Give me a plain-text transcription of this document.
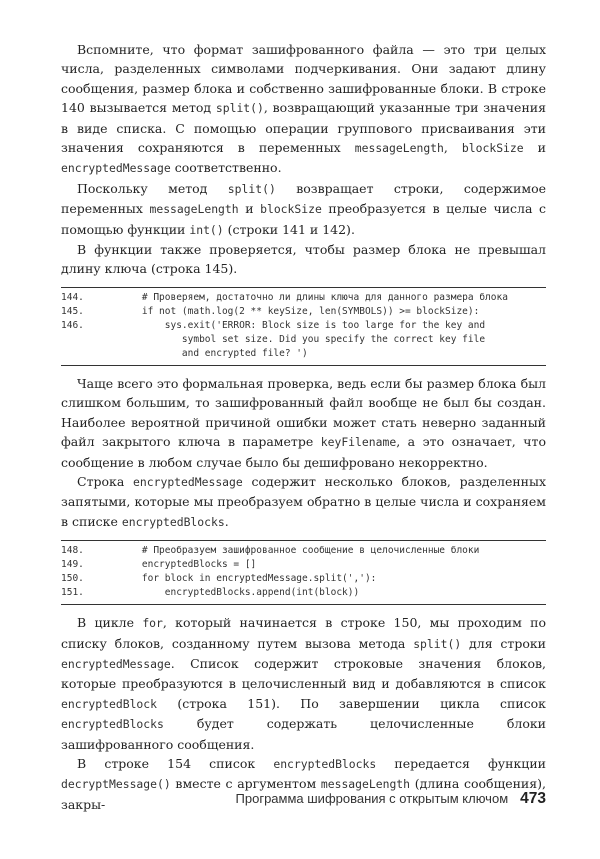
Вспомните, что формат зашифрованного файла — это три целых числа, разделенных символами подчеркивания. Они задают длину сообщения, размер блока и собственно зашифрованные блоки. В строке 140 вызывается метод split(), возвращающий указанные три значения в виде списка. С помощью операции группового присваивания эти значения сохраняются в переменных messageLength, blockSize и encryptedMessage соответственно.

Поскольку метод split() возвращает строки, содержимое переменных messageLength и blockSize преобразуется в целые числа с помощью функции int() (строки 141 и 142).

В функции также проверяется, чтобы размер блока не превышал длину ключа (строка 145).

144.	# Проверяем, достаточно ли длины ключа для данного размера блока
145.	if not (math.log(2 ** keySize, len(SYMBOLS)) >= blockSize):
146.	sys.exit('ERROR: Block size is too large for the key and
symbol set size. Did you specify the correct key file
and encrypted file? ')

Чаще всего это формальная проверка, ведь если бы размер блока был слишком большим, то зашифрованный файл вообще не был бы создан. Наиболее вероятной причиной ошибки может стать неверно заданный файл закрытого ключа в параметре keyFilename, а это означает, что сообщение в любом случае было бы дешифровано некорректно.

Строка encryptedMessage содержит несколько блоков, разделенных запятыми, которые мы преобразуем обратно в целые числа и сохраняем в списке encryptedBlocks.

148.	# Преобразуем зашифрованное сообщение в целочисленные блоки
149.	encryptedBlocks = []
150.	for block in encryptedMessage.split(','):
151.	encryptedBlocks.append(int(block))

В цикле for, который начинается в строке 150, мы проходим по списку блоков, созданному путем вызова метода split() для строки encryptedMessage. Список содержит строковые значения блоков, которые преобразуются в целочисленный вид и добавляются в список encryptedBlock (строка 151). По завершении цикла список encryptedBlocks будет содержать целочисленные блоки зашифрованного сообщения.

В строке 154 список encryptedBlocks передается функции decryptMessage() вместе с аргументом messageLength (длина сообщения), закры-	Программа шифрования с открытым ключом 473
